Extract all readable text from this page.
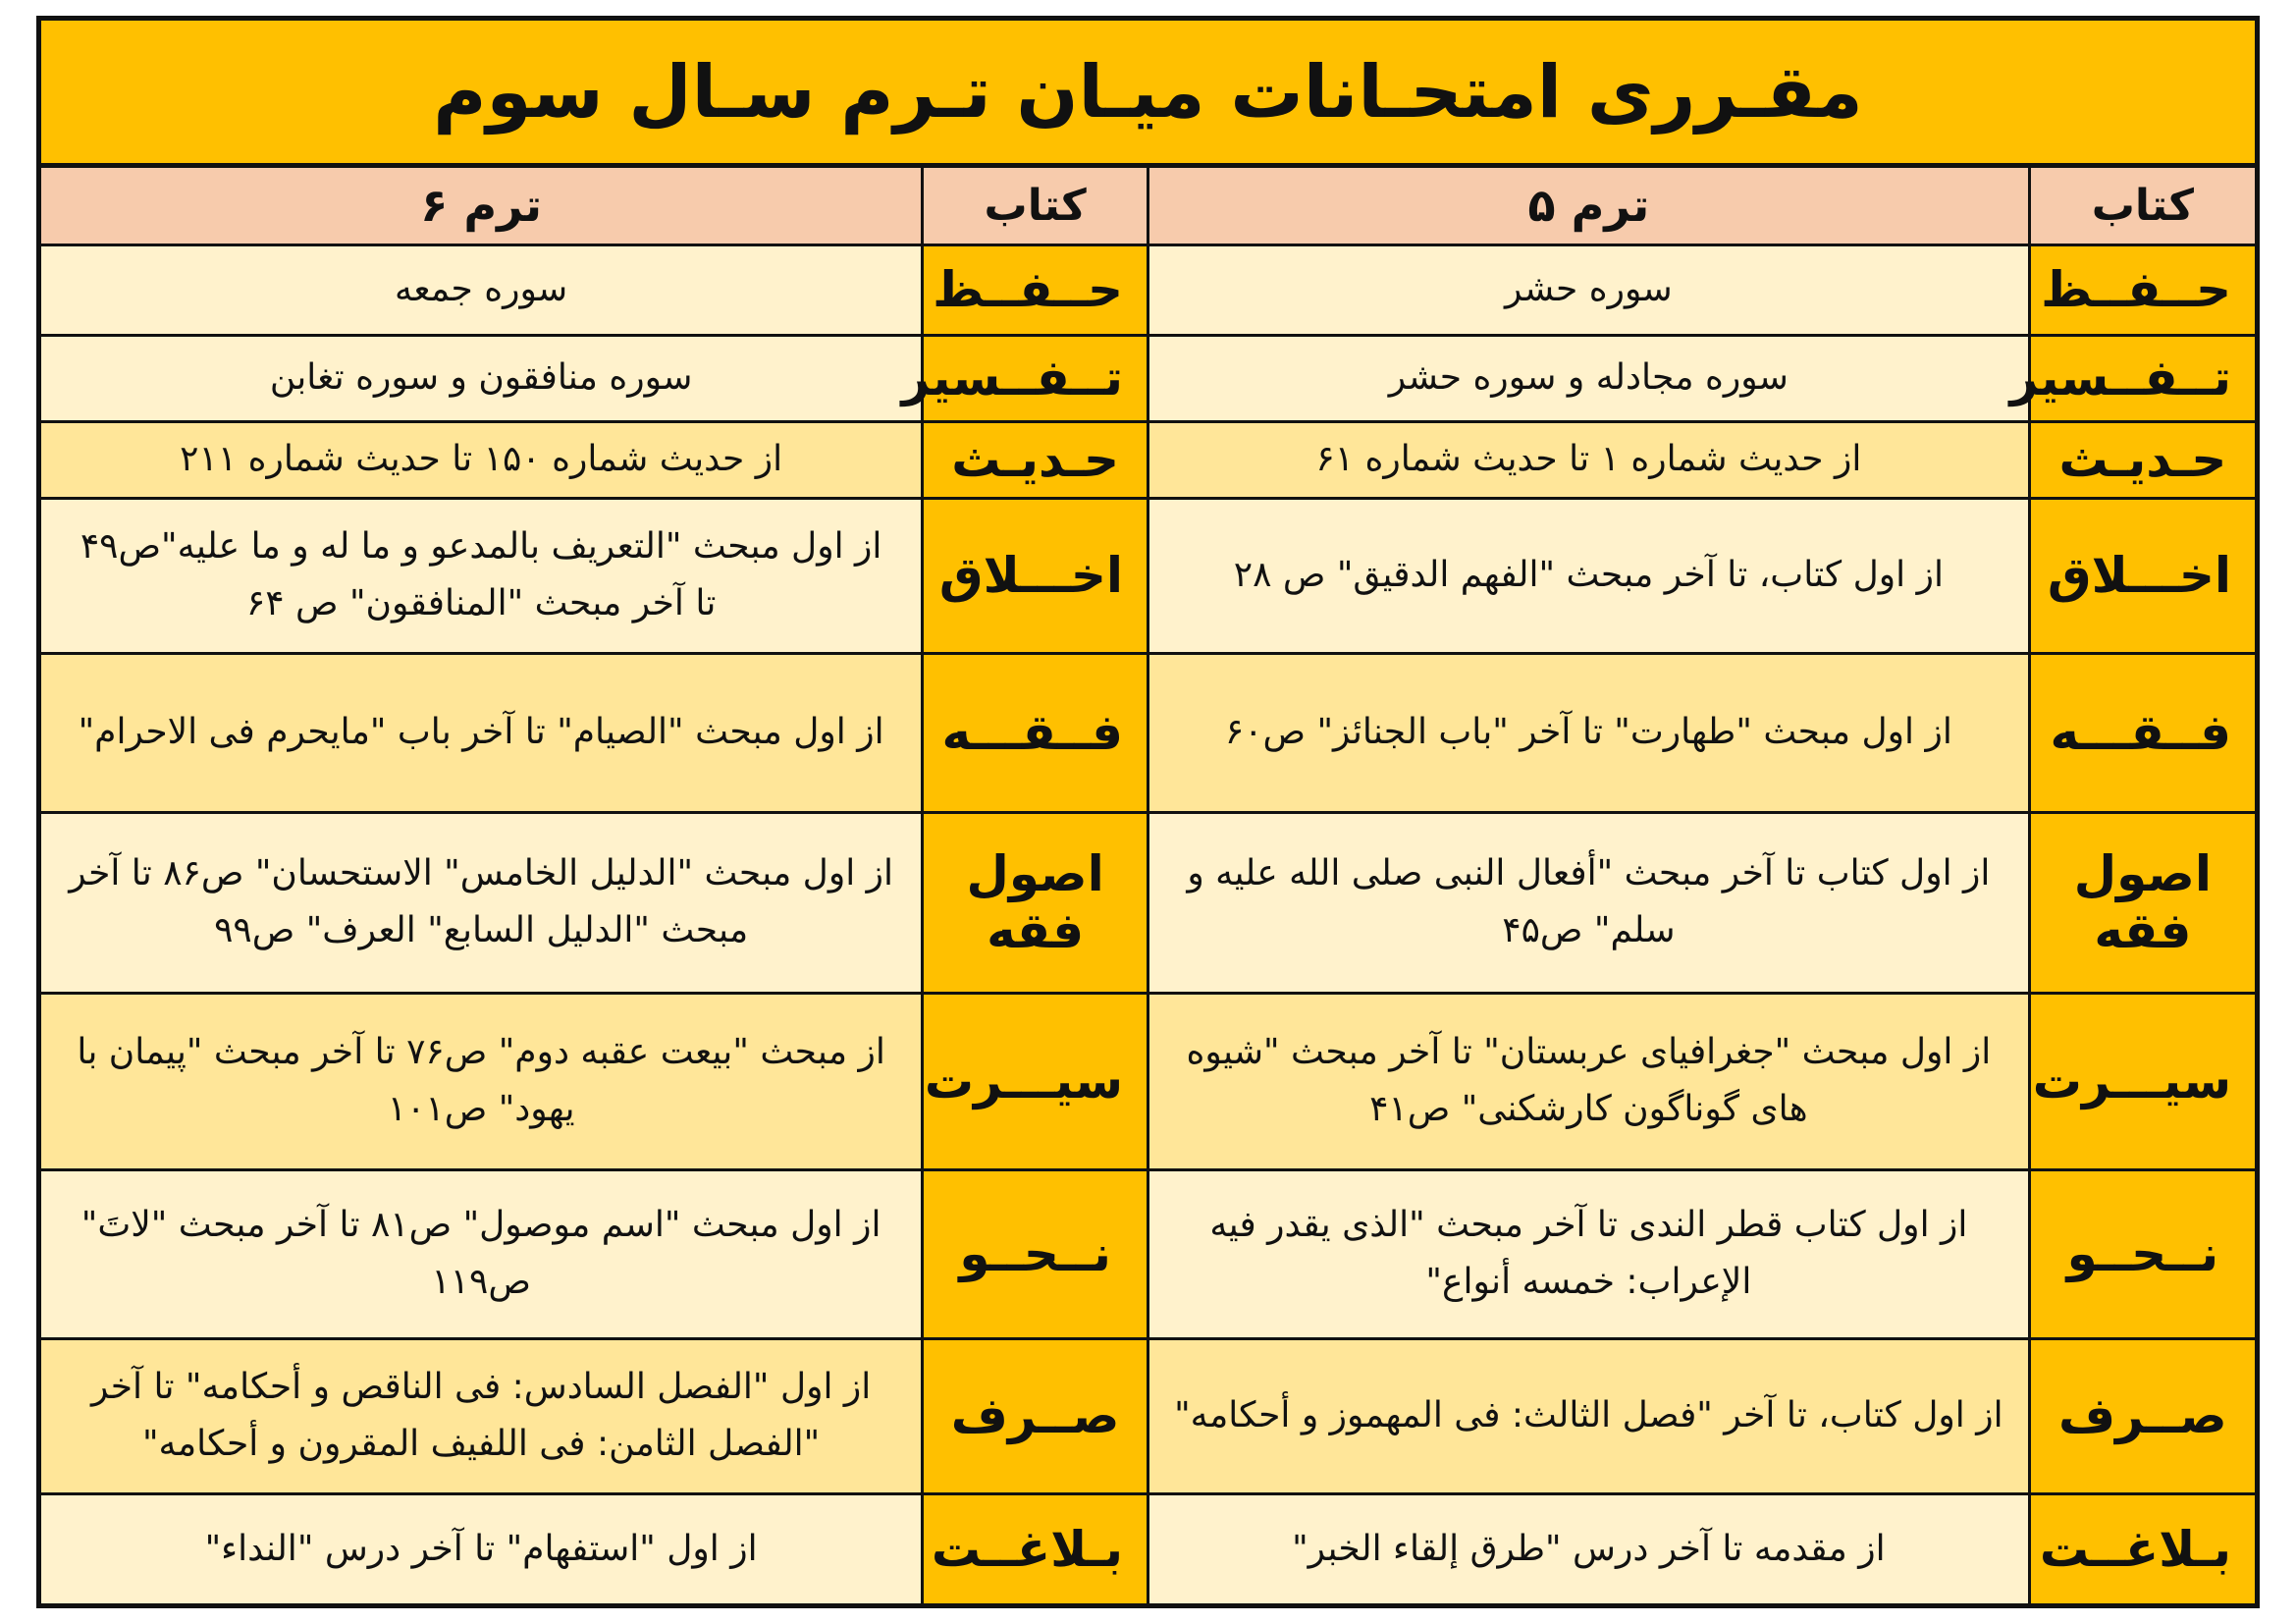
مقـرری امتحـانات میـان تـرم سـال سوم
کتاب	ترم ۵	کتاب	ترم ۶
حــفــظ	سوره حشر	حــفــظ	سوره جمعه
تــفــسیر	سوره مجادله و سوره حشر	تــفــسیر	سوره منافقون و سوره تغابن
حـدیـث	از حدیث شماره ۱ تا حدیث شماره ۶۱	حـدیـث	از حدیث شماره ۱۵۰ تا حدیث شماره ۲۱۱
اخـــلاق	از اول کتاب، تا آخر مبحث "الفهم الدقیق" ص ۲۸	اخـــلاق	از اول مبحث "التعریف بالمدعو و ما له و ما علیه"ص۴۹ تا آخر مبحث "المنافقون" ص ۶۴
فــقـــه	از اول مبحث "طهارت" تا آخر "باب الجنائز" ص۶۰	فــقـــه	از اول مبحث "الصیام" تا آخر باب "مایحرم فی الاحرام"
اصول فقه	از اول کتاب تا آخر مبحث "أفعال النبی صلی الله علیه و سلم" ص۴۵	اصول فقه	از اول مبحث "الدلیل الخامس" الاستحسان" ص۸۶ تا آخر مبحث "الدلیل السابع" العرف" ص۹۹
سیـــرت	از اول مبحث "جغرافیای عربستان" تا آخر مبحث "شیوه های گوناگون کارشکنی" ص۴۱	سیـــرت	از مبحث "بیعت عقبه دوم" ص۷۶ تا آخر مبحث "پیمان با یهود" ص۱۰۱
نــحــو	از اول کتاب قطر الندی تا آخر مبحث "الذی یقدر فیه الإعراب: خمسه أنواع"	نــحــو	از اول مبحث "اسم موصول" ص۸۱ تا آخر مبحث "لاتَ" ص۱۱۹
صــرف	از اول کتاب، تا آخر "فصل الثالث: فی المهموز و أحکامه"	صــرف	از اول "الفصل السادس: فی الناقص و أحکامه" تا آخر "الفصل الثامن: فی اللفیف المقرون و أحکامه"
بـلاغــت	از مقدمه تا آخر درس "طرق إلقاء الخبر"	بـلاغــت	از اول "استفهام" تا آخر درس "النداء"
